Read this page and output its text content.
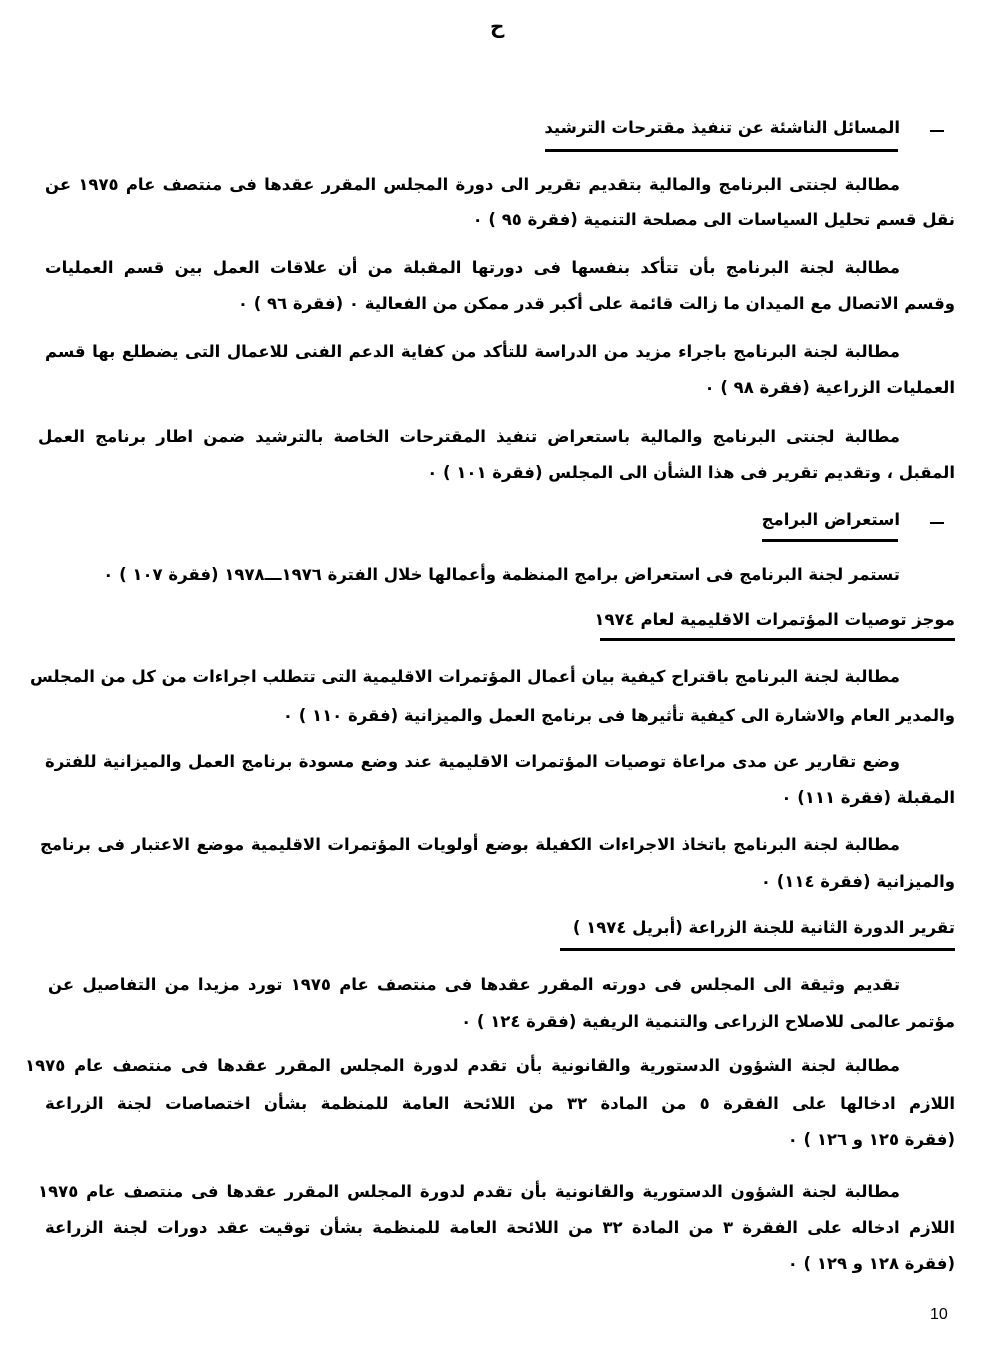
ح
المسائل الناشئة عن تنفيذ مقترحات الترشيد
مطالبة لجنتى البرنامج والمالية بتقديم تقرير الى دورة المجلس المقرر عقدها فى منتصف عام ١٩٧٥ عن
نقل قسم تحليل السياسات الى مصلحة التنمية (فقرة ٩٥ ) ٠
مطالبة لجنة البرنامج بأن تتأكد بنفسها فى دورتها المقبلة من أن علاقات العمل بين قسم العمليات
وقسم الاتصال مع الميدان ما زالت قائمة على أكبر قدر ممكن من الفعالية ٠ (فقرة ٩٦ ) ٠
مطالبة لجنة البرنامج باجراء مزيد من الدراسة للتأكد من كفاية الدعم الفنى للاعمال التى يضطلع بها قسم
العمليات الزراعية (فقرة ٩٨ ) ٠
مطالبة لجنتى البرنامج والمالية باستعراض تنفيذ المقترحات الخاصة بالترشيد ضمن اطار برنامج العمل
المقبل ، وتقديم تقرير فى هذا الشأن الى المجلس (فقرة ١٠١ ) ٠
استعراض البرامج
تستمر لجنة البرنامج فى استعراض برامج المنظمة وأعمالها خلال الفترة ١٩٧٦ـــ١٩٧٨ (فقرة ١٠٧ ) ٠
موجز توصيات المؤتمرات الاقليمية لعام ١٩٧٤
مطالبة لجنة البرنامج باقتراح كيفية بيان أعمال المؤتمرات الاقليمية التى تتطلب اجراءات من كل من المجلس
والمدير العام والاشارة الى كيفية تأثيرها فى برنامج العمل والميزانية (فقرة ١١٠ ) ٠
وضع تقارير عن مدى مراعاة توصيات المؤتمرات الاقليمية عند وضع مسودة برنامج العمل والميزانية للفترة
المقبلة (فقرة ١١١) ٠
مطالبة لجنة البرنامج باتخاذ الاجراءات الكفيلة بوضع أولويات المؤتمرات الاقليمية موضع الاعتبار فى برنامج
والميزانية (فقرة ١١٤) ٠
تقرير الدورة الثانية للجنة الزراعة (أبريل ١٩٧٤ )
تقديم وثيقة الى المجلس فى دورته المقرر عقدها فى منتصف عام ١٩٧٥ تورد مزيدا من التفاصيل عن
مؤتمر عالمى للاصلاح الزراعى والتنمية الريفية (فقرة ١٢٤ ) ٠
مطالبة لجنة الشؤون الدستورية والقانونية بأن تقدم لدورة المجلس المقرر عقدها فى منتصف عام ١٩٧٥
اللازم ادخالها على الفقرة ٥ من المادة ٣٢ من اللائحة العامة للمنظمة بشأن اختصاصات لجنة الزراعة
(فقرة ١٢٥ و ١٢٦ ) ٠
مطالبة لجنة الشؤون الدستورية والقانونية بأن تقدم لدورة المجلس المقرر عقدها فى منتصف عام ١٩٧٥
اللازم ادخاله على الفقرة ٣ من المادة ٣٢ من اللائحة العامة للمنظمة بشأن توقيت عقد دورات لجنة الزراعة
(فقرة ١٢٨ و ١٢٩ ) ٠
10
